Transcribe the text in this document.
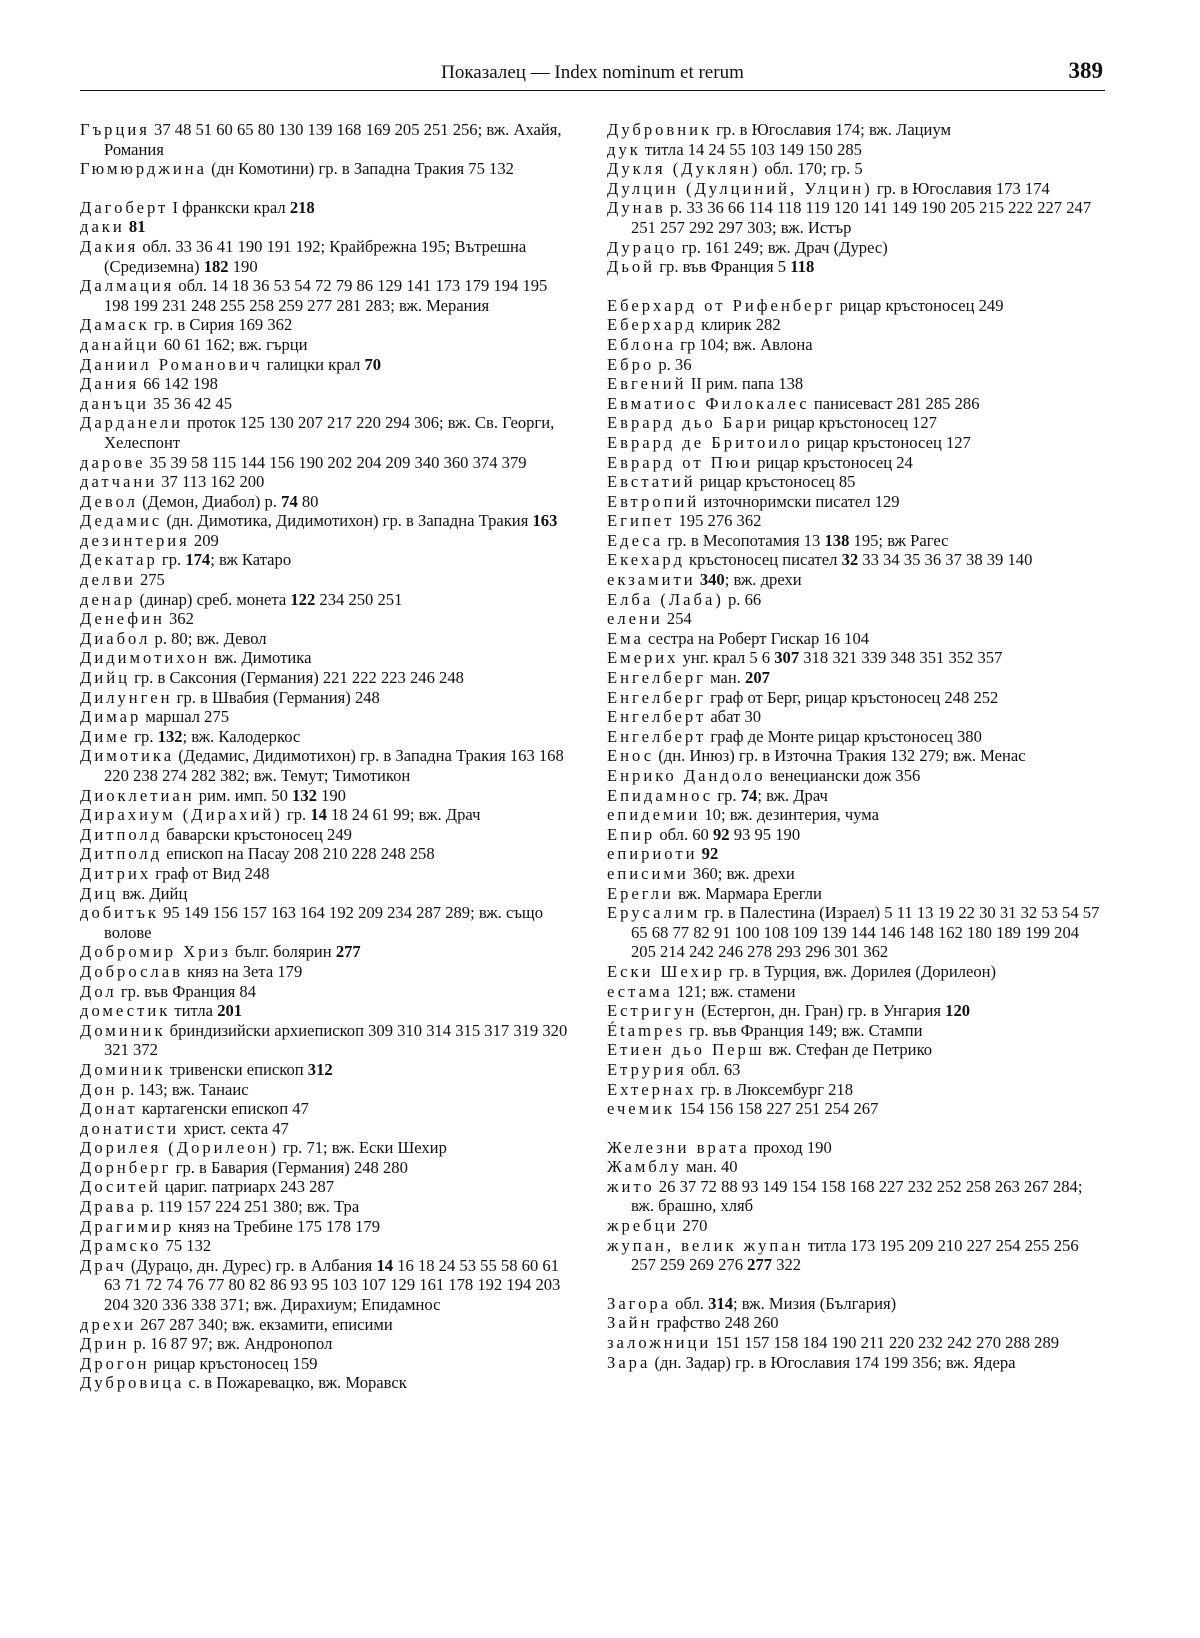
Показалец — Index nominum et rerum	389
Гърция 37 48 51 60 65 80 130 139 168 169 205 251 256; вж. Ахайя, Романия
Гюмюрджина (дн Комотини) гр. в Западна Тракия 75 132
Дагоберт I франкски крал 218
даки 81
Дакия обл. 33 36 41 190 191 192; Крайбрежна 195; Вътрешна (Средиземна) 182 190
Далмация обл. 14 18 36 53 54 72 79 86 129 141 173 179 194 195 198 199 231 248 255 258 259 277 281 283; вж. Мерания
Дамаск гр. в Сирия 169 362
данайци 60 61 162; вж. гърци
Даниил Романович галицки крал 70
Дания 66 142 198
данъци 35 36 42 45
Дарданели проток 125 130 207 217 220 294 306; вж. Св. Георги, Хелеспонт
дарове 35 39 58 115 144 156 190 202 204 209 340 360 374 379
датчани 37 113 162 200
Девол (Демон, Диабол) р. 74 80
Дедамис (дн. Димотика, Дидимотихон) гр. в Западна Тракия 163
дезинтерия 209
Декатар гр. 174; вж Катаро
делви 275
денар (динар) среб. монета 122 234 250 251
Денефин 362
Диабол р. 80; вж. Девол
Дидимотихон вж. Димотика
Дийц гр. в Саксония (Германия) 221 222 223 246 248
Дилунген гр. в Швабия (Германия) 248
Димар маршал 275
Диме гр. 132; вж. Калодеркос
Димотика (Дедамис, Дидимотихон) гр. в Западна Тракия 163 168 220 238 274 282 382; вж. Темут; Тимотикон
Диоклетиан рим. имп. 50 132 190
Дирахиум (Дирахий) гр. 14 18 24 61 99; вж. Драч
Дитполд баварски кръстоносец 249
Дитполд епископ на Пасау 208 210 228 248 258
Дитрих граф от Вид 248
Диц вж. Дийц
добитък 95 149 156 157 163 164 192 209 234 287 289; вж. също волове
Добромир Хриз бълг. болярин 277
Доброслав княз на Зета 179
Дол гр. във Франция 84
доместик титла 201
Доминик бриндизийски архиепископ 309 310 314 315 317 319 320 321 372
Доминик тривенски епископ 312
Дон р. 143; вж. Танаис
Донат картагенски епископ 47
донатисти христ. секта 47
Дорилея (Дорилеон) гр. 71; вж. Ески Шехир
Дорнберг гр. в Бавария (Германия) 248 280
Доситей цариг. патриарх 243 287
Драва р. 119 157 224 251 380; вж. Тра
Драгимир княз на Требине 175 178 179
Драмско 75 132
Драч (Дурацо, дн. Дурес) гр. в Албания 14 16 18 24 53 55 58 60 61 63 71 72 74 76 77 80 82 86 93 95 103 107 129 161 178 192 194 203 204 320 336 338 371; вж. Дирахиум; Епидамнос
дрехи 267 287 340; вж. екзамити, еписими
Дрин р. 16 87 97; вж. Андронопол
Дрогон рицар кръстоносец 159
Дубровица с. в Пожаревацко, вж. Моравск
Дубровник гр. в Югославия 174; вж. Лациум
дук титла 14 24 55 103 149 150 285
Дукля (Дуклян) обл. 170; гр. 5
Дулцин (Дулциний, Улцин) гр. в Югославия 173 174
Дунав р. 33 36 66 114 118 119 120 141 149 190 205 215 222 227 247 251 257 292 297 303; вж. Истър
Дурацо гр. 161 249; вж. Драч (Дурес)
Дьой гр. във Франция 5 118
Еберхард от Рифенберг рицар кръстоносец 249
Еберхард клирик 282
Еблона гр 104; вж. Авлона
Ебро р. 36
Евгений II рим. папа 138
Евматиос Филокалес панисеваст 281 285 286
Еврард дьо Бари рицар кръстоносец 127
Еврард де Бритоило рицар кръстоносец 127
Еврард от Пюи рицар кръстоносец 24
Евстатий рицар кръстоносец 85
Евтропий източноримски писател 129
Египет 195 276 362
Едеса гр. в Месопотамия 13 138 195; вж Рагес
Екехард кръстоносец писател 32 33 34 35 36 37 38 39 140
екзамити 340; вж. дрехи
Елба (Лаба) р. 66
елени 254
Ема сестра на Роберт Гискар 16 104
Емерих унг. крал 5 6 307 318 321 339 348 351 352 357
Енгелберг ман. 207
Енгелберг граф от Берг, рицар кръстоносец 248 252
Енгелберт абат 30
Енгелберт граф де Монте рицар кръстоносец 380
Енос (дн. Инюз) гр. в Източна Тракия 132 279; вж. Менас
Енрико Дандоло венециански дож 356
Епидамнос гр. 74; вж. Драч
епидемии 10; вж. дезинтерия, чума
Епир обл. 60 92 93 95 190
епириоти 92
еписими 360; вж. дрехи
Ерегли вж. Мармара Ерегли
Ерусалим гр. в Палестина (Израел) 5 11 13 19 22 30 31 32 53 54 57 65 68 77 82 91 100 108 109 139 144 146 148 162 180 189 199 204 205 214 242 246 278 293 296 301 362
Ески Шехир гр. в Турция, вж. Дорилея (Дорилеон)
естама 121; вж. стамени
Естригун (Естергон, дн. Гран) гр. в Унгария 120
Étampes гр. във Франция 149; вж. Стампи
Етиен дьо Перш вж. Стефан де Петрико
Етрурия обл. 63
Ехтернах гр. в Люксембург 218
ечемик 154 156 158 227 251 254 267
Железни врата проход 190
Жамблу ман. 40
жито 26 37 72 88 93 149 154 158 168 227 232 252 258 263 267 284; вж. брашно, хляб
жребци 270
жупан, велик жупан титла 173 195 209 210 227 254 255 256 257 259 269 276 277 322
Загора обл. 314; вж. Мизия (България)
Зайн графство 248 260
заложници 151 157 158 184 190 211 220 232 242 270 288 289
Зара (дн. Задар) гр. в Югославия 174 199 356; вж. Ядера
